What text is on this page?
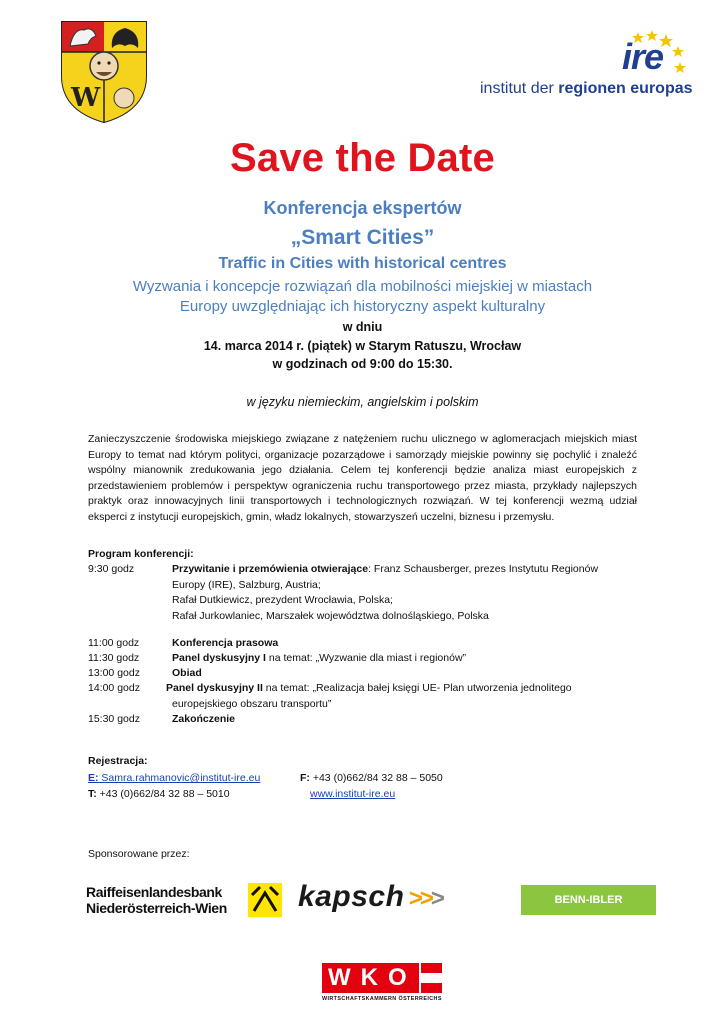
W
ire
institut der regionen europas
Save the Date
Konferencja ekspertów
„Smart Cities”
Traffic in Cities with historical centres
Wyzwania i koncepcje rozwiązań dla mobilności miejskiej w miastach
Europy uwzględniając ich historyczny aspekt kulturalny
w dniu
14. marca 2014 r. (piątek) w Starym Ratuszu, Wrocław
w godzinach od 9:00 do 15:30.
w języku niemieckim, angielskim i polskim
Zanieczyszczenie środowiska miejskiego związane z natężeniem ruchu ulicznego w aglomeracjach miejskich miast Europy to temat nad którym polityci, organizacje pozarządowe i samorządy miejskie powinny się pochylić i znaleźć wspólny mianownik zredukowania jego działania. Celem tej konferencji będzie analiza miast europejskich z przedstawieniem problemów i perspektyw ograniczenia ruchu transportowego przez miasta, przykłady najlepszych praktyk oraz innowacyjnych linii transportowych i technologicznych rozwiązań. W tej konferencji wezmą udział eksperci z instytucji europejskich, gmin, władz lokalnych, stowarzyszeń uczelni, biznesu i przemysłu.
Program konferencji:
9:30 godz	Przywitanie i przemówienia otwierające: Franz Schausberger, prezes Instytutu Regionów
Europy (IRE), Salzburg, Austria;
Rafał Dutkiewicz, prezydent Wrocławia, Polska;
Rafał Jurkowlaniec, Marszałek województwa dolnośląskiego, Polska
11:00 godz	Konferencja prasowa
11:30 godz	Panel dyskusyjny I na temat: „Wyzwanie dla miast i regionów”
13:00 godz	Obiad
14:00 godz Panel dyskusyjny II na temat: „Realizacja bałej księgi UE- Plan utworzenia jednolitego
europejskiego obszaru transportu”
15:30 godz	Zakończenie
Rejestracja:
E: Samra.rahmanovic@institut-ire.eu	F: +43 (0)662/84 32 88 – 5050
T: +43 (0)662/84 32 88 – 5010	www.institut-ire.eu
Sponsorowane przez:
Raiffeisenlandesbank
Niederösterreich-Wien	kapsch >>>	BENN-IBLER
WKO
WIRTSCHAFTSKAMMERN ÖSTERREICHS
